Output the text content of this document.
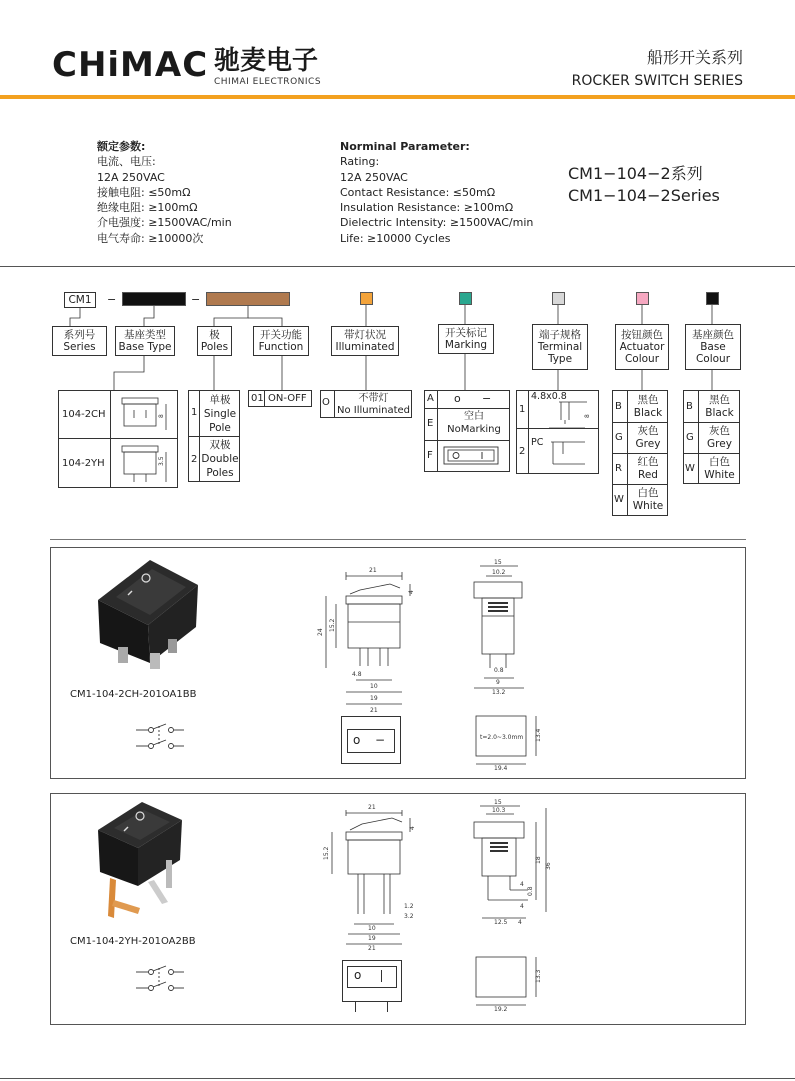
CHiMAC 驰麦电子
CHIMAI ELECTRONICS
船形开关系列
ROCKER SWITCH SERIES
额定参数:
电流、电压:
12A 250VAC
接触电阻: ≤50mΩ
绝缘电阻: ≥100mΩ
介电强度: ≥1500VAC/min
电气寿命: ≥10000次
Norminal Parameter:
Rating:
12A 250VAC
Contact Resistance: ≤50mΩ
Insulation Resistance: ≥100mΩ
Dielectric Intensity: ≥1500VAC/min
Life: ≥10000 Cycles
CM1−104−2系列
CM1−104−2Series
CM1 −	−
系列号
Series
基座类型
Base Type
极
Poles
开关功能
Function
带灯状况
Illuminated
开关标记
Marking
端子规格
Terminal
Type
按钮颜色
Actuator
Colour
基座颜色
Base
Colour
104-2CH
104-2YH
8
3.5
1
单极
Single
Pole
2
双极
Double
Poles
01 ON-OFF O	不带灯
No Illuminated
A o −
E
空白
NoMarking
F
1
4.8x0.8
2
PC
8
B
黑色
Black
G
灰色
Grey
R
红色
Red
W
白色
White
B
黑色
Black
G
灰色
Grey
W
白色
White
CM1-104-2CH-201OA1BB
21
15.2
24
4
4.8
10
19
21
o −
15
10.2
0.8
9
13.2
t=2.0~3.0mm 13.4
19.4
CM1-104-2YH-201OA2BB
21
4
15.2
1.2
3.2
10
19
21
o
15
10.3
18
36
4
0.8
4
12.5 4
13.3
19.2
